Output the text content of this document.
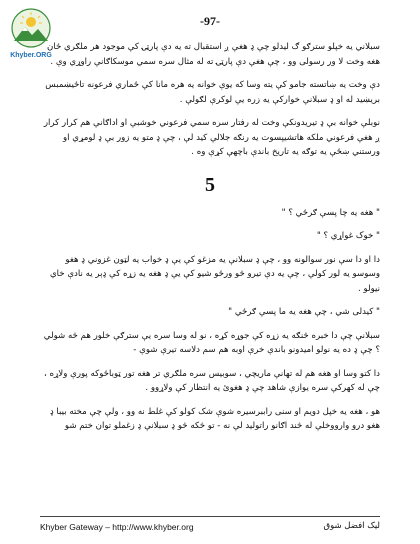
Khyber.ORG
-97-

سبلاني يه خپلو سترګو ګ ليدلو چې ډ هغې ږ استقبال ته يه دې پارټۍ کې موجود هر ملګري ځان هغه وخت لا ور رسولی وو ، چې هغې دې پارټۍ ته له مثال سره سمي موسکاګانې راوړي وې .

دې وخت يه ښاتسته جامو کې يته وسا که يوې خوانه يه هره مانا کې ځماري فرعونه تاځيښمبس بريښيد له او ډ سبلانې خوارکې يه زره يې لوکرې لګولې .

نوبلې خوانه بې ډ تيريدونکې وخت له رفتار سره سمي فرعوني خوشبې او اداګانې هم کرار کرار ږ هغې فرعوني ملکه هاتشيپسوت يه رنګه جلالې کيد لې ، چې ډ متو يه زور بې ډ لومړي او ورستني ښځې يه توګه يه تاريخ باندې باچهې کړې وه .

5

" هغه يه چا پسې ګرځي ؟ "

" خوک غواړي ؟ "

دا او دا سې نور سوالونه وو ، چې ډ سبلانې يه مزغو کې يې ډ خواب يه لټون غزوني ډ هغو وسوسو يه لور کولې ، چې يه دې تيرو څو ورځو شيو کې يې ډ هغه يه زړه کې ډېر يه نادې خاي نيولو .

" کيدلی شي ، چې هغه يه ما پسې ګرځي "

سبلانې چې دا خبره څنګه يه زړه کې جوړه کړه ، نو له وسا سره يې سترګې خلور هم څه شولي ؟ چې ډ ده يه نولو اميدونو باندې خرې اوبه هم سم دلاسه تيرې شوې -

دا کتو وسا او هغه هم له تهانې ماريچي ، سوبيس سره ملګري تر هغه تور ټوباځوکه پورې ولاړه ، چې له کهرکې سره يوازې شاهد چې ډ هغوئ يه انتظار کې ولاړوو .

هو ، هغه يه خپل دويم او سنی راببرسيره شوې شک کولو کې غلط نه وو ، ولې چې مخته بيبا ډ هغو درو وارووخلې له څند اګانو راتوليد لې نه - تو څکه څو ډ سبلانې ډ زغملو توان ختم شو

Khyber Gateway – http://www.khyber.org	ليک افضل شوق
